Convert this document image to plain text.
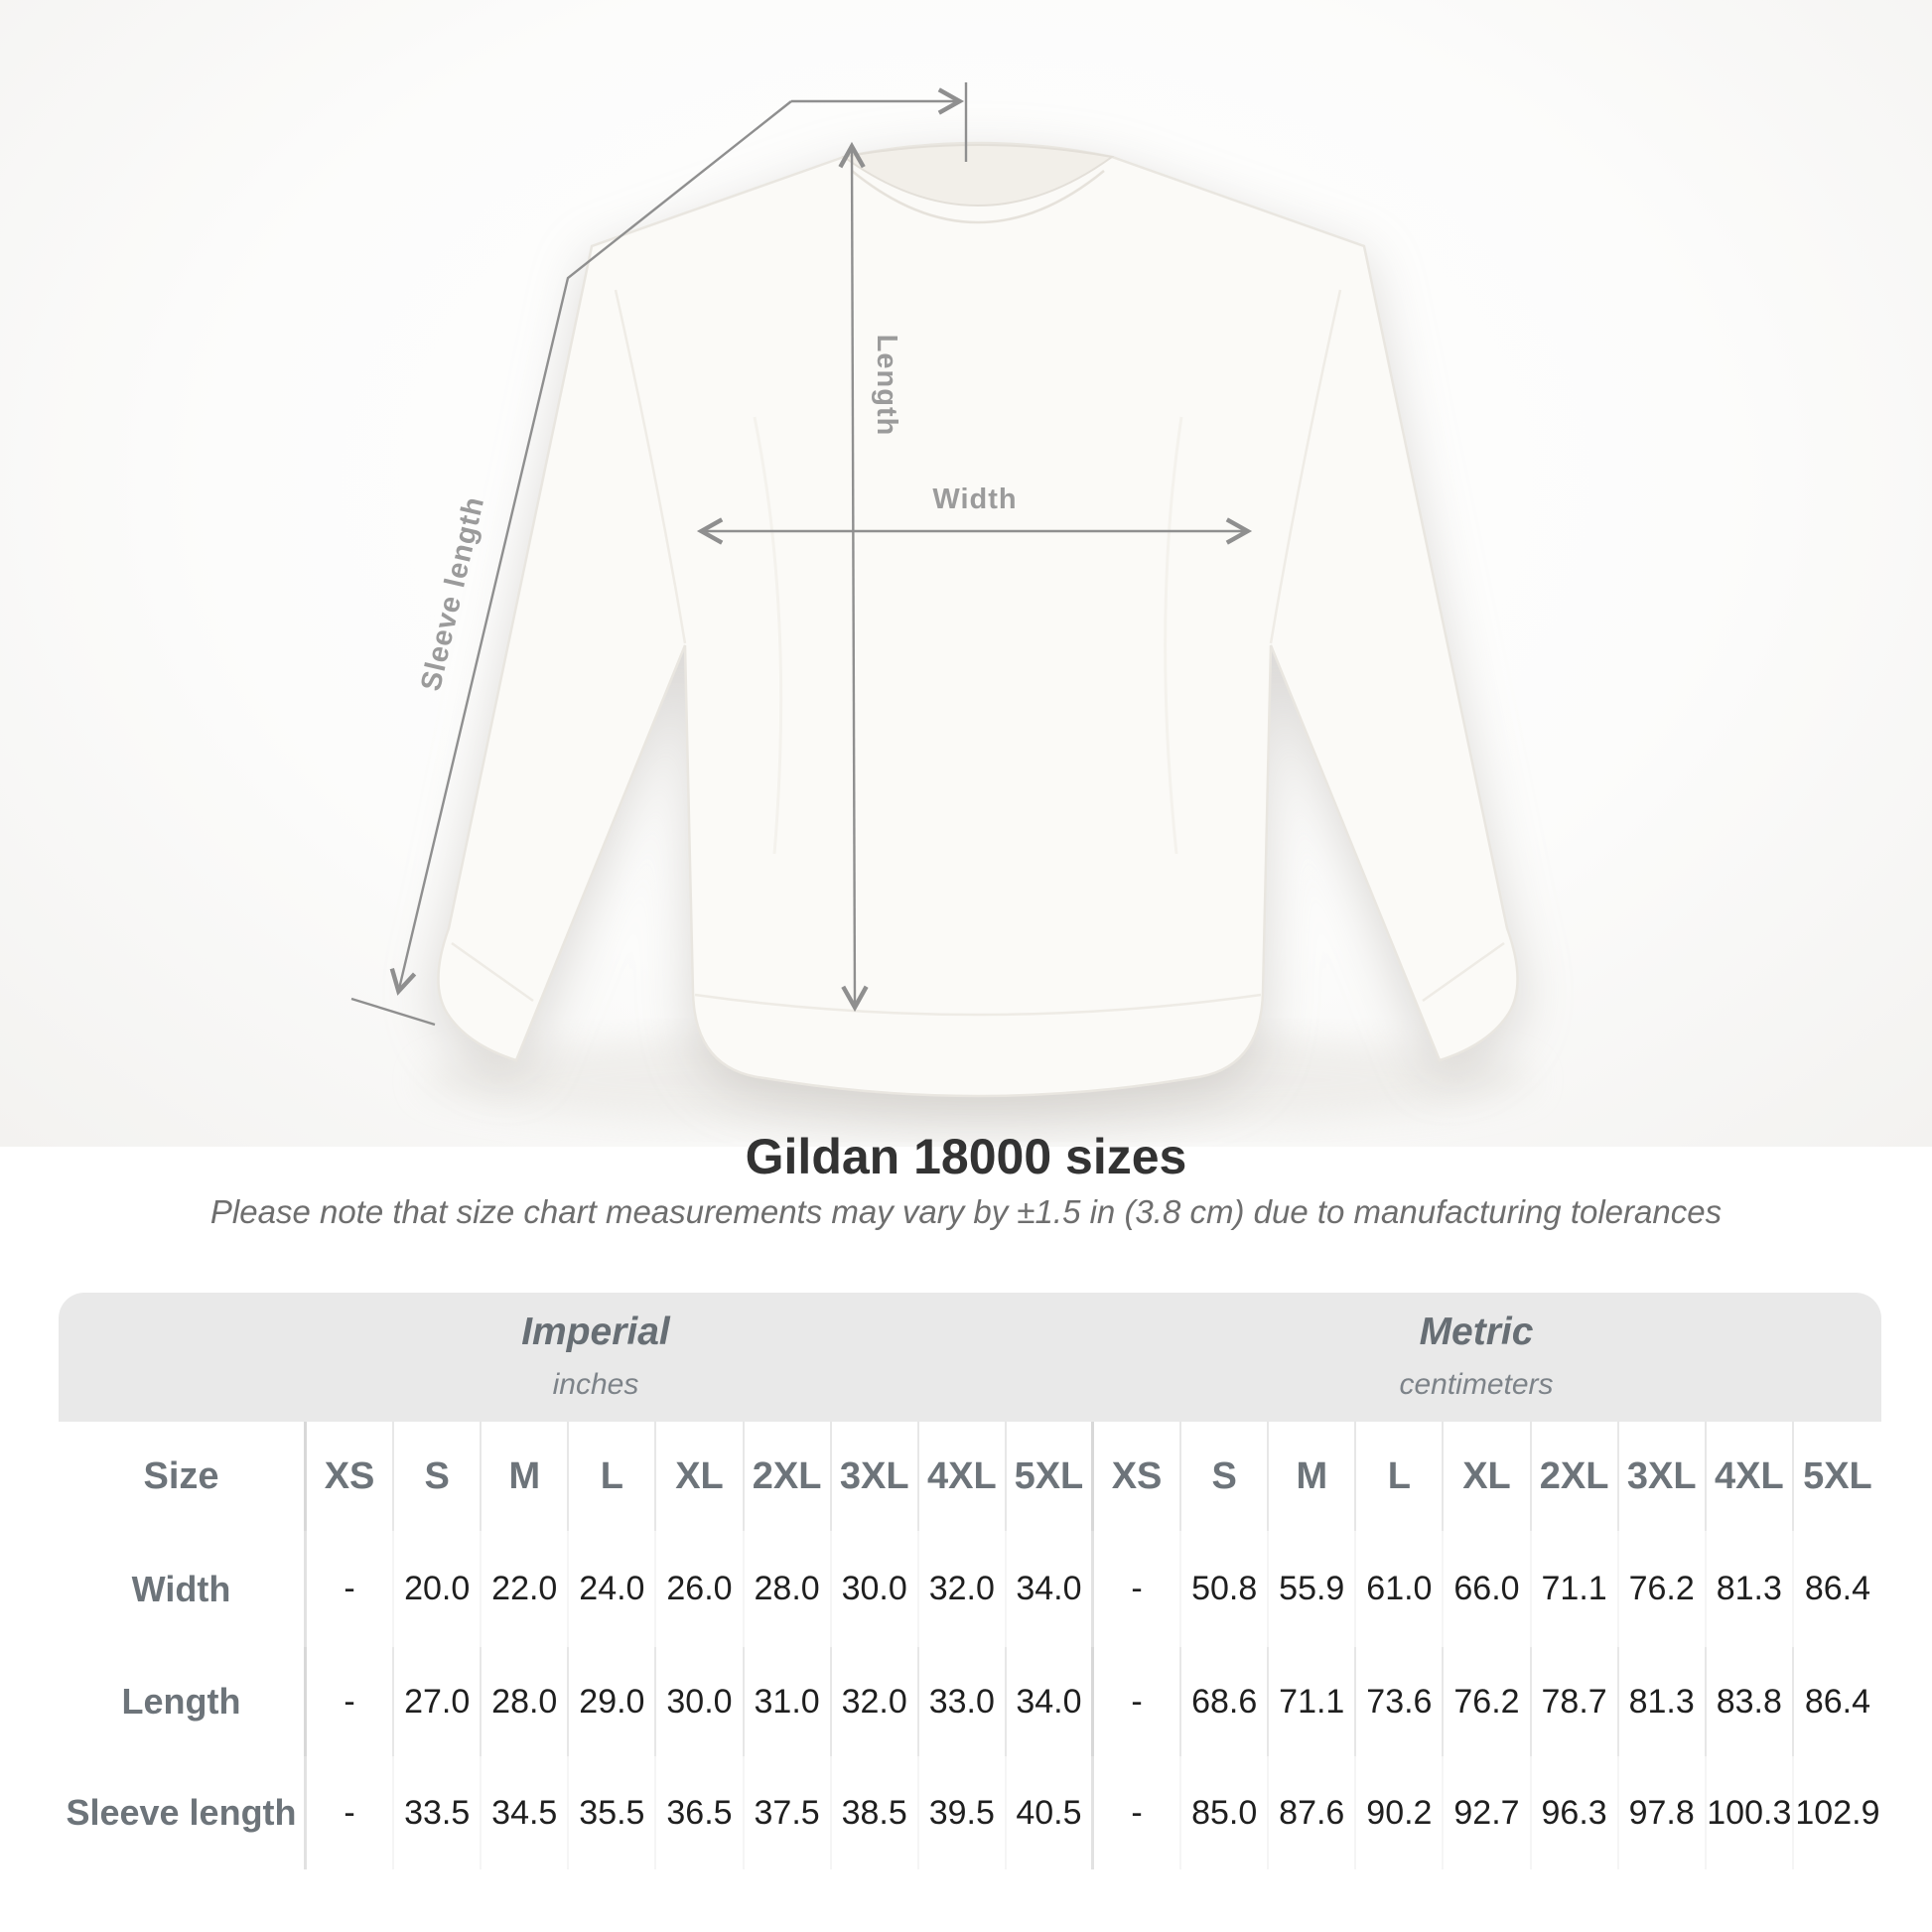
Length
Width
Sleeve length
Gildan 18000 sizes
Please note that size chart measurements may vary by ±1.5 in (3.8 cm) due to manufacturing tolerances
Imperial
inches
Metric
centimeters
Size	XS	S	M	L	XL 2XL 3XL 4XL 5XL XS	S	M	L	XL 2XL 3XL 4XL 5XL
Width	-	20.0 22.0 24.0 26.0 28.0 30.0 32.0 34.0	-	50.8 55.9 61.0 66.0 71.1 76.2 81.3 86.4
Length	-	27.0 28.0 29.0 30.0 31.0 32.0 33.0 34.0	-	68.6 71.1 73.6 76.2 78.7 81.3 83.8 86.4
Sleeve length	-	33.5 34.5 35.5 36.5 37.5 38.5 39.5 40.5	-	85.0 87.6 90.2 92.7 96.3 97.8 100.3 102.9
